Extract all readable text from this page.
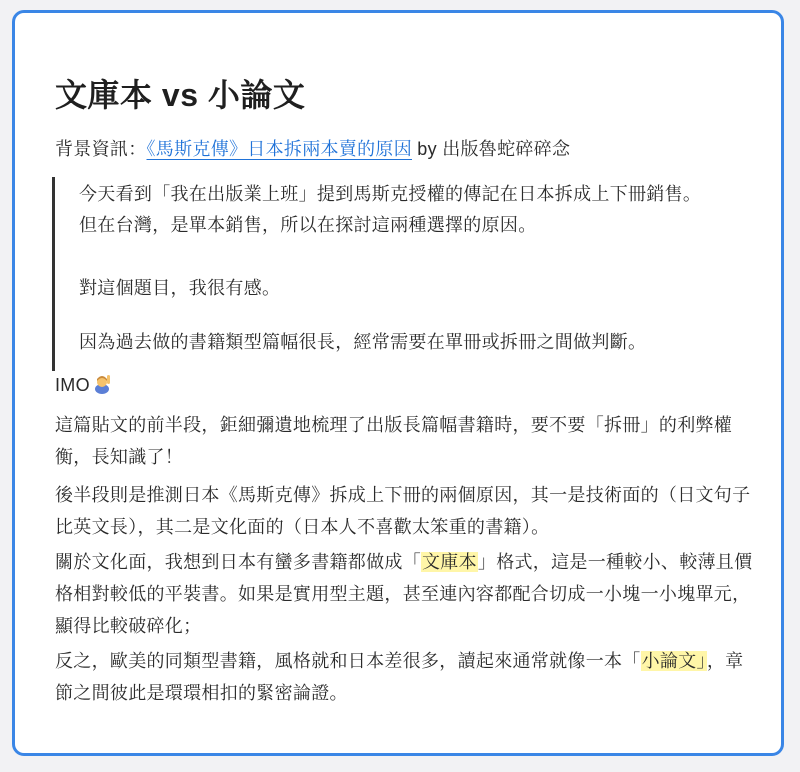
文庫本 vs 小論文

背景資訊：《馬斯克傳》日本拆兩本賣的原因 by 出版魯蛇碎碎念

今天看到「我在出版業上班」提到馬斯克授權的傳記在日本拆成上下冊銷售。但在台灣，是單本銷售，所以在探討這兩種選擇的原因。

對這個題目，我很有感。

因為過去做的書籍類型篇幅很長，經常需要在單冊或拆冊之間做判斷。

IMO

這篇貼文的前半段，鉅細彌遺地梳理了出版長篇幅書籍時，要不要「拆冊」的利弊權衡，長知識了！

後半段則是推測日本《馬斯克傳》拆成上下冊的兩個原因，其一是技術面的（日文句子比英文長），其二是文化面的（日本人不喜歡太笨重的書籍）。

關於文化面，我想到日本有蠻多書籍都做成「文庫本」格式，這是一種較小、較薄且價格相對較低的平裝書。如果是實用型主題，甚至連內容都配合切成一小塊一小塊單元，顯得比較破碎化；

反之，歐美的同類型書籍，風格就和日本差很多，讀起來通常就像一本「小論文」，章節之間彼此是環環相扣的緊密論證。
